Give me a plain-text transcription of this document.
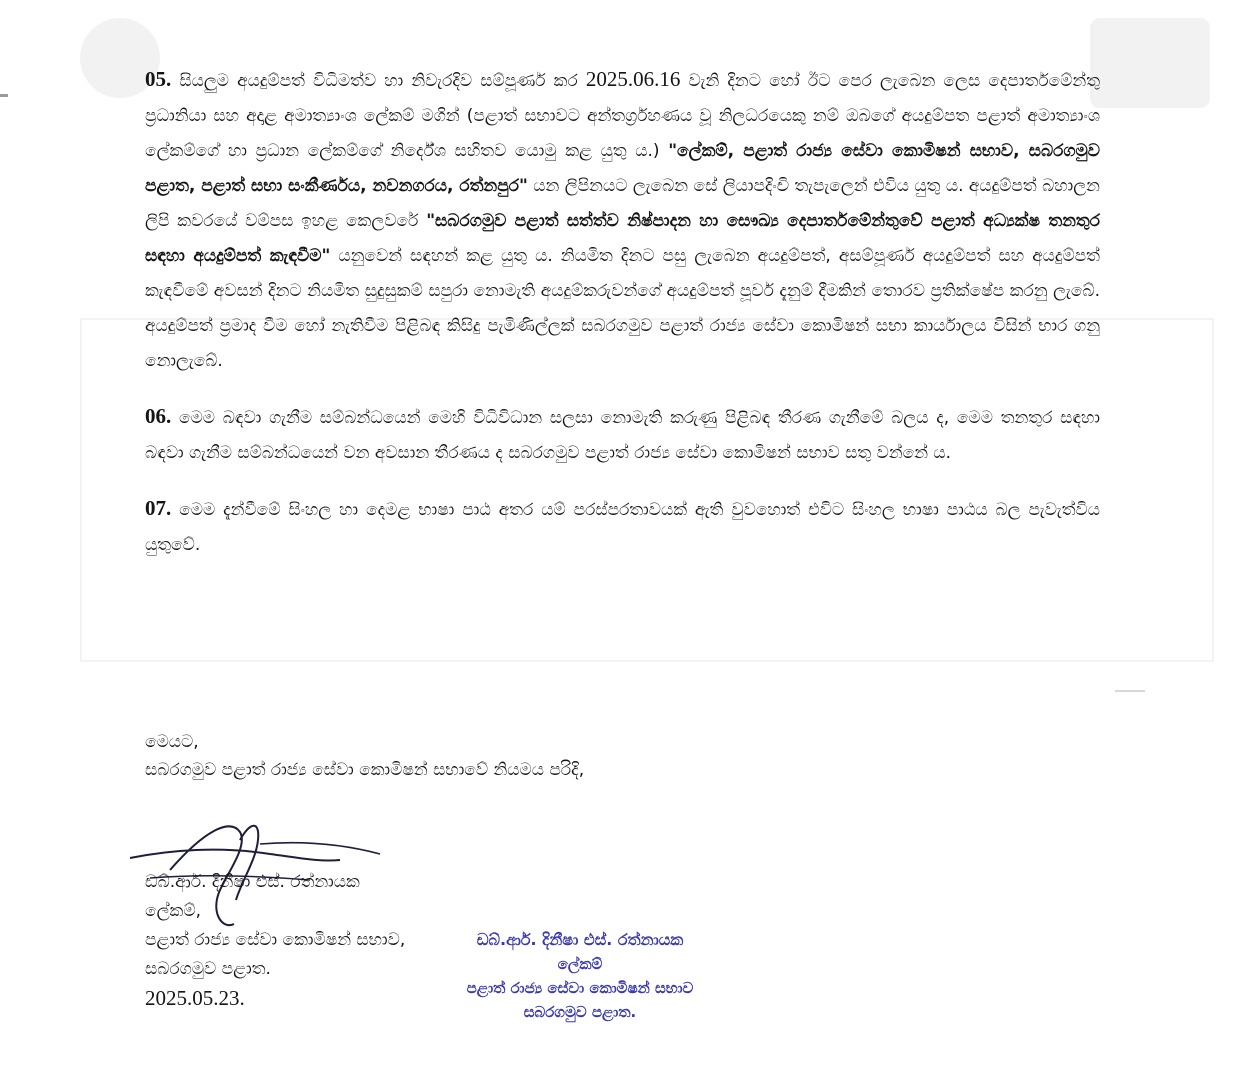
05. සියලුම අයදුම්පත් විධිමත්ව හා නිවැරදිව සම්පූර්ණ කර 2025.06.16 වැනි දිනට හෝ ඊට පෙර ලැබෙන ලෙස දෙපාර්තමේන්තු ප්‍රධානියා සහ අදාළ අමාත්‍යාංශ ලේකම් මගින් (පළාත් සභාවට අන්තර්ග්‍රහණය වූ නිලධරයෙකු නම් ඔබගේ අයදුම්පත පළාත් අමාත්‍යාංශ ලේකම්ගේ හා ප්‍රධාන ලේකම්ගේ නිර්දේශ සහිතව යොමු කළ යුතු ය.) "ලේකම්, පළාත් රාජ්‍ය සේවා කොමිෂන් සභාව, සබරගමුව පළාත, පළාත් සභා සංකීර්ණය, නවනගරය, රත්නපුර" යන ලිපිනයට ලැබෙන සේ ලියාපදිංචි තැපැලෙන් එවිය යුතු ය. අයදුම්පත් බහාලන ලිපි කවරයේ වම්පස ඉහළ කෙලවරේ "සබරගමුව පළාත් සත්ත්ව නිෂ්පාදන හා සෞඛ්‍ය දෙපාර්තමේන්තුවේ පළාත් අධ්‍යක්ෂ තනතුර සඳහා අයදුම්පත් කැඳවීම" යනුවෙන් සඳහන් කළ යුතු ය. නියමිත දිනට පසු ලැබෙන අයදුම්පත්, අසම්පූර්ණ අයදුම්පත් සහ අයදුම්පත් කැඳවීමේ අවසන් දිනට නියමිත සුදුසුකම් සපුරා නොමැති අයදුම්කරුවන්ගේ අයදුම්පත් පූර්ව දැනුම් දීමකින් තොරව ප්‍රතික්ෂේප කරනු ලැබේ. අයදුම්පත් ප්‍රමාද වීම හෝ නැතිවීම පිළිබඳ කිසිදු පැමිණිල්ලක් සබරගමුව පළාත් රාජ්‍ය සේවා කොමිෂන් සභා කාර්යාලය විසින් භාර ගනු නොලැබේ.

06. මෙම බඳවා ගැනීම සම්බන්ධයෙන් මෙහි විධිවිධාන සලසා නොමැති කරුණු පිළිබඳ තීරණ ගැනීමේ බලය ද, මෙම තනතුර සඳහා බඳවා ගැනීම සම්බන්ධයෙන් වන අවසාන තීරණය ද සබරගමුව පළාත් රාජ්‍ය සේවා කොමිෂන් සභාව සතු වන්නේ ය.

07. මෙම දැන්වීමේ සිංහල හා දෙමළ භාෂා පාඨ අතර යම් පරස්පරතාවයක් ඇති වුවහොත් එවිට සිංහල භාෂා පාඨය බල පැවැත්විය යුතුවේ.

මෙයට,
සබරගමුව පළාත් රාජ්‍ය සේවා කොමිෂන් සභාවේ නියමය පරිදි,
ඩබ්.ආර්. දිනීෂා එස්. රත්නායක
ලේකම්,
පළාත් රාජ්‍ය සේවා කොමිෂන් සභාව,
සබරගමුව පළාත.
2025.05.23.
ඩබ්.ආර්. දිනීෂා එස්. රත්නායක
ලේකම්
පළාත් රාජ්‍ය සේවා කොමිෂන් සභාව
සබරගමුව පළාත.
